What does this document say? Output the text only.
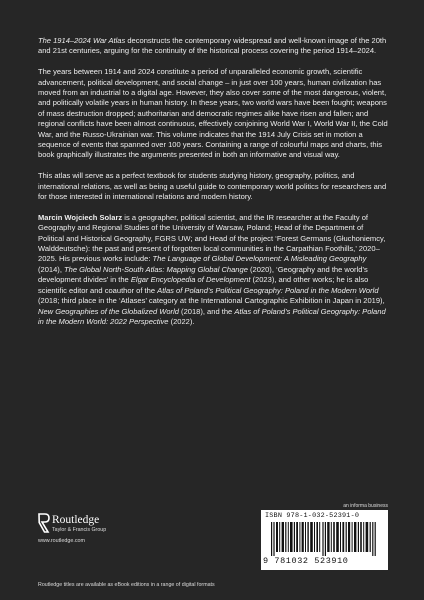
The 1914–2024 War Atlas deconstructs the contemporary widespread and well-known image of the 20th and 21st centuries, arguing for the continuity of the historical process covering the period 1914–2024.

The years between 1914 and 2024 constitute a period of unparalleled economic growth, scientific advancement, political development, and social change – in just over 100 years, human civilization has moved from an industrial to a digital age. However, they also cover some of the most dangerous, violent, and politically volatile years in human history. In these years, two world wars have been fought; weapons of mass destruction dropped; authoritarian and democratic regimes alike have risen and fallen; and regional conflicts have been almost continuous, effectively conjoining World War I, World War II, the Cold War, and the Russo-Ukrainian war. This volume indicates that the 1914 July Crisis set in motion a sequence of events that spanned over 100 years. Containing a range of colourful maps and charts, this book graphically illustrates the arguments presented in both an informative and visual way.

This atlas will serve as a perfect textbook for students studying history, geography, politics, and international relations, as well as being a useful guide to contemporary world politics for researchers and for those interested in international relations and modern history.

Marcin Wojciech Solarz is a geographer, political scientist, and the IR researcher at the Faculty of Geography and Regional Studies of the University of Warsaw, Poland; Head of the Department of Political and Historical Geography, FGRS UW; and Head of the project ‘Forest Germans (Głuchoniemcy, Walddeutsche): the past and present of forgotten local communities in the Carpathian Foothills,’ 2020–2025. His previous works include: The Language of Global Development: A Misleading Geography (2014), The Global North-South Atlas: Mapping Global Change (2020), ‘Geography and the world’s development divides’ in the Elgar Encyclopedia of Development (2023), and other works; he is also scientific editor and coauthor of the Atlas of Poland’s Political Geography: Poland in the Modern World (2018; third place in the ‘Atlases’ category at the International Cartographic Exhibition in Japan in 2019), New Geographies of the Globalized World (2018), and the Atlas of Poland’s Political Geography: Poland in the Modern World: 2022 Perspective (2022).

an informa business
ISBN 978-1-032-52391-0
9 781032 523910
Routledge
Taylor & Francis Group
www.routledge.com
Routledge titles are available as eBook editions in a range of digital formats
